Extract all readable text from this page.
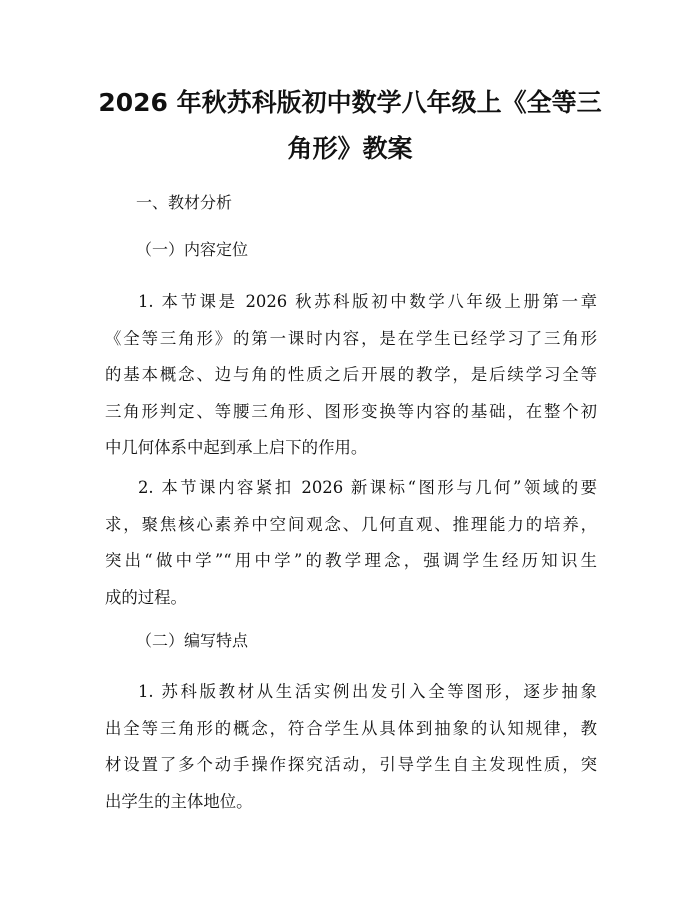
2026 年秋苏科版初中数学八年级上《全等三
角形》教案
一、教材分析
（一）内容定位

1. 本节课是 2026 秋苏科版初中数学八年级上册第一章
《全等三角形》的第一课时内容，是在学生已经学习了三角形
的基本概念、边与角的性质之后开展的教学，是后续学习全等
三角形判定、等腰三角形、图形变换等内容的基础，在整个初
中几何体系中起到承上启下的作用。

2. 本节课内容紧扣 2026 新课标“图形与几何”领域的要
求，聚焦核心素养中空间观念、几何直观、推理能力的培养，
突出“做中学”“用中学”的教学理念，强调学生经历知识生
成的过程。

（二）编写特点

1. 苏科版教材从生活实例出发引入全等图形，逐步抽象
出全等三角形的概念，符合学生从具体到抽象的认知规律，教
材设置了多个动手操作探究活动，引导学生自主发现性质，突
出学生的主体地位。
